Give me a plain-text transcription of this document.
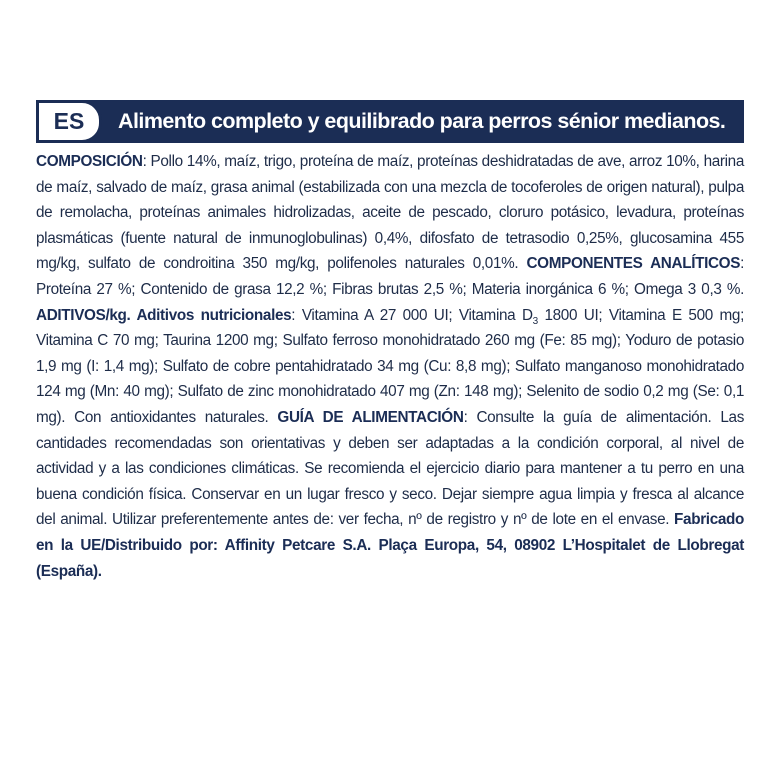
ES	Alimento completo y equilibrado para perros sénior medianos.
COMPOSICIÓN: Pollo 14%, maíz, trigo, proteína de maíz, proteínas deshidratadas de ave, arroz 10%, harina de maíz, salvado de maíz, grasa animal (estabilizada con una mezcla de tocoferoles de origen natural), pulpa de remolacha, proteínas animales hidrolizadas, aceite de pescado, cloruro potásico, levadura, proteínas plasmáticas (fuente natural de inmunoglobulinas) 0,4%, difosfato de tetrasodio 0,25%, glucosamina 455 mg/kg, sulfato de condroitina 350 mg/kg, polifenoles naturales 0,01%. COMPONENTES ANALÍTICOS: Proteína 27 %; Contenido de grasa 12,2 %; Fibras brutas 2,5 %; Materia inorgánica 6 %; Omega 3 0,3 %. ADITIVOS/kg. Aditivos nutricionales: Vitamina A 27 000 UI; Vitamina $D_3$ 1800 UI; Vitamina E 500 mg; Vitamina C 70 mg; Taurina 1200 mg; Sulfato ferroso monohidratado 260 mg (Fe: 85 mg); Yoduro de potasio 1,9 mg (I: 1,4 mg); Sulfato de cobre pentahidratado 34 mg (Cu: 8,8 mg); Sulfato manganoso monohidratado 124 mg (Mn: 40 mg); Sulfato de zinc monohidratado 407 mg (Zn: 148 mg); Selenito de sodio 0,2 mg (Se: 0,1 mg). Con antioxidantes naturales. GUÍA DE ALIMENTACIÓN: Consulte la guía de alimentación. Las cantidades recomendadas son orientativas y deben ser adaptadas a la condición corporal, al nivel de actividad y a las condiciones climáticas. Se recomienda el ejercicio diario para mantener a tu perro en una buena condición física. Conservar en un lugar fresco y seco. Dejar siempre agua limpia y fresca al alcance del animal. Utilizar preferentemente antes de: ver fecha, nº de registro y nº de lote en el envase. Fabricado en la UE/Distribuido por: Affinity Petcare S.A. Plaça Europa, 54, 08902 L’Hospitalet de Llobregat (España).
